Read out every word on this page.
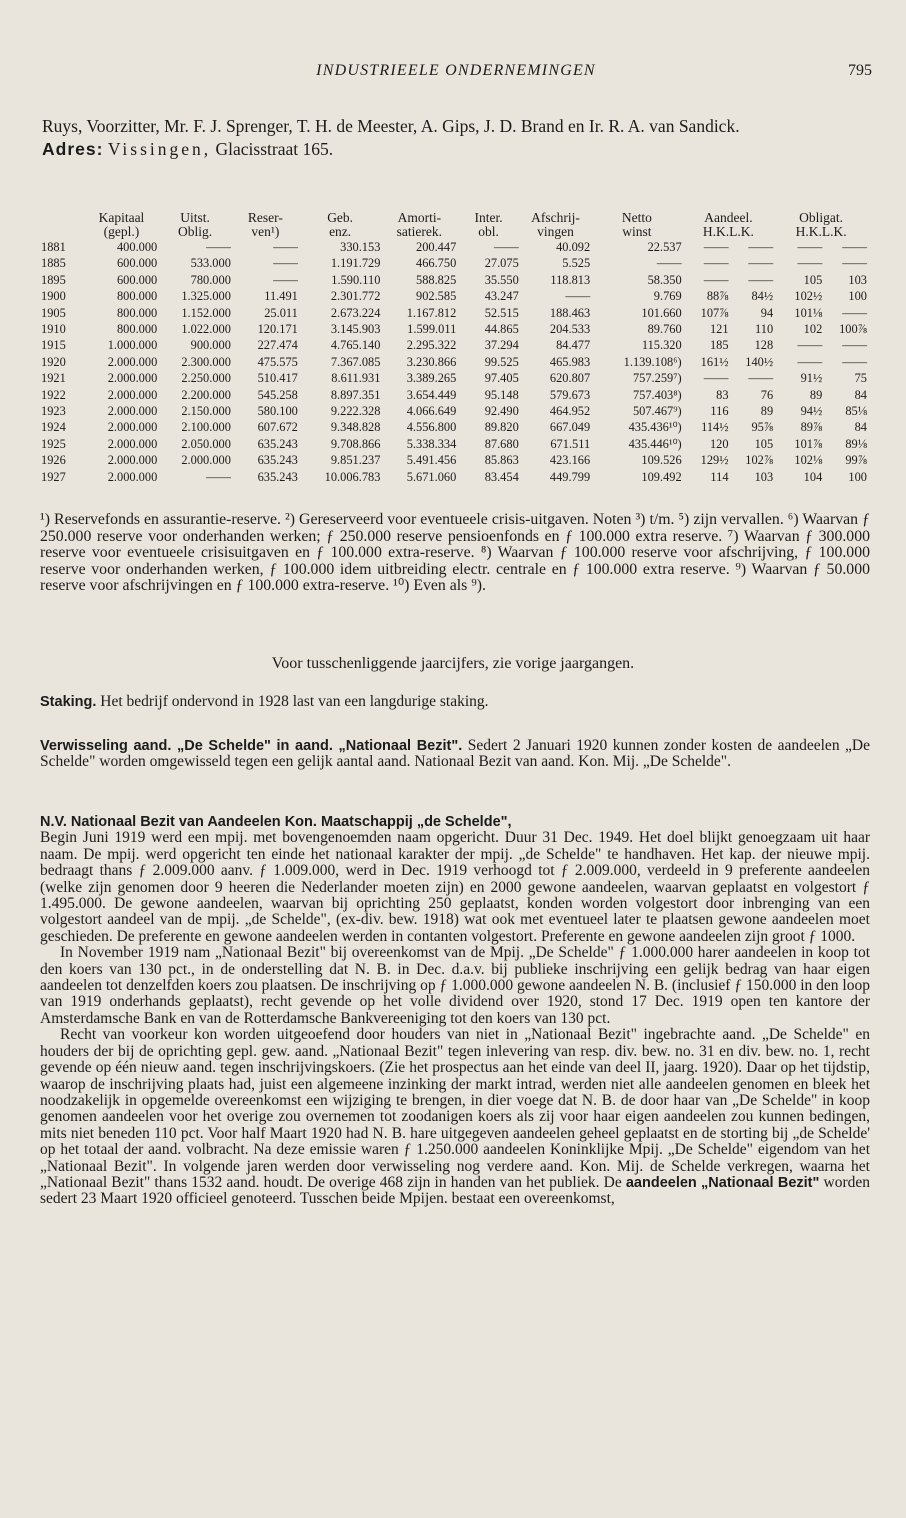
INDUSTRIEELE ONDERNEMINGEN	795
Ruys, Voorzitter, Mr. F. J. Sprenger, T. H. de Meester, A. Gips, J. D. Brand en Ir. R. A. van Sandick.
Adres: Vissingen, Glacisstraat 165.
	Kapitaal	Uitst.	Reser-	Geb.	Amorti-	Inter.	Afschrij-	Netto	Aandeel.		Obligat.	
	(gepl.)	Oblig.	ven¹)	enz.	satierek.	obl.	vingen	winst	H.K.L.K.		H.K.L.K.	
1881	400.000	——	——	330.153	200.447	——	40.092	22.537	——	——	——	——
1885	600.000	533.000	——	1.191.729	466.750	27.075	5.525	——	——	——	——	——
1895	600.000	780.000	——	1.590.110	588.825	35.550	118.813	58.350	——	——	105	103
1900	800.000	1.325.000	11.491	2.301.772	902.585	43.247	——	9.769	88⅞	84½	102½	100
1905	800.000	1.152.000	25.011	2.673.224	1.167.812	52.515	188.463	101.660	107⅞	94	101⅛	——
1910	800.000	1.022.000	120.171	3.145.903	1.599.011	44.865	204.533	89.760	121	110	102	100⅞
1915	1.000.000	900.000	227.474	4.765.140	2.295.322	37.294	84.477	115.320	185	128	——	——
1920	2.000.000	2.300.000	475.575	7.367.085	3.230.866	99.525	465.983	1.139.108⁶)	161½	140½	——	——
1921	2.000.000	2.250.000	510.417	8.611.931	3.389.265	97.405	620.807	757.259⁷)	——	——	91½	75
1922	2.000.000	2.200.000	545.258	8.897.351	3.654.449	95.148	579.673	757.403⁸)	83	76	89	84
1923	2.000.000	2.150.000	580.100	9.222.328	4.066.649	92.490	464.952	507.467⁹)	116	89	94½	85⅛
1924	2.000.000	2.100.000	607.672	9.348.828	4.556.800	89.820	667.049	435.436¹⁰)	114½	95⅞	89⅞	84
1925	2.000.000	2.050.000	635.243	9.708.866	5.338.334	87.680	671.511	435.446¹⁰)	120	105	101⅞	89⅛
1926	2.000.000	2.000.000	635.243	9.851.237	5.491.456	85.863	423.166	109.526	129½	102⅞	102⅛	99⅞
1927	2.000.000	——	635.243	10.006.783	5.671.060	83.454	449.799	109.492	114	103	104	100
¹) Reservefonds en assurantie-reserve. ²) Gereserveerd voor eventueele crisis-uitgaven. Noten ³) t/m. ⁵) zijn vervallen. ⁶) Waarvan ƒ 250.000 reserve voor onderhanden werken; ƒ 250.000 reserve pensioenfonds en ƒ 100.000 extra reserve. ⁷) Waarvan ƒ 300.000 reserve voor eventueele crisisuitgaven en ƒ 100.000 extra-reserve. ⁸) Waarvan ƒ 100.000 reserve voor afschrijving, ƒ 100.000 reserve voor onderhanden werken, ƒ 100.000 idem uitbreiding electr. centrale en ƒ 100.000 extra reserve. ⁹) Waarvan ƒ 50.000 reserve voor afschrijvingen en ƒ 100.000 extra-reserve. ¹⁰) Even als ⁹).
Voor tusschenliggende jaarcijfers, zie vorige jaargangen.
Staking. Het bedrijf ondervond in 1928 last van een langdurige staking.
Verwisseling aand. „De Schelde" in aand. „Nationaal Bezit". Sedert 2 Januari 1920 kunnen zonder kosten de aandeelen „De Schelde" worden omgewisseld tegen een gelijk aantal aand. Nationaal Bezit van aand. Kon. Mij. „De Schelde".
N.V. Nationaal Bezit van Aandeelen Kon. Maatschappij „de Schelde",

Begin Juni 1919 werd een mpij. met bovengenoemden naam opgericht. Duur 31 Dec. 1949. Het doel blijkt genoegzaam uit haar naam. De mpij. werd opgericht ten einde het nationaal karakter der mpij. „de Schelde" te handhaven. Het kap. der nieuwe mpij. bedraagt thans ƒ 2.009.000 aanv. ƒ 1.009.000, werd in Dec. 1919 verhoogd tot ƒ 2.009.000, verdeeld in 9 preferente aandeelen (welke zijn genomen door 9 heeren die Nederlander moeten zijn) en 2000 gewone aandeelen, waarvan geplaatst en volgestort ƒ 1.495.000. De gewone aandeelen, waarvan bij oprichting 250 geplaatst, konden worden volgestort door inbrenging van een volgestort aandeel van de mpij. „de Schelde", (ex-div. bew. 1918) wat ook met eventueel later te plaatsen gewone aandeelen moet geschieden. De preferente en gewone aandeelen werden in contanten volgestort. Preferente en gewone aandeelen zijn groot ƒ 1000.

In November 1919 nam „Nationaal Bezit" bij overeenkomst van de Mpij. „De Schelde" ƒ 1.000.000 harer aandeelen in koop tot den koers van 130 pct., in de onderstelling dat N. B. in Dec. d.a.v. bij publieke inschrijving een gelijk bedrag van haar eigen aandeelen tot denzelfden koers zou plaatsen. De inschrijving op ƒ 1.000.000 gewone aandeelen N. B. (inclusief ƒ 150.000 in den loop van 1919 onderhands geplaatst), recht gevende op het volle dividend over 1920, stond 17 Dec. 1919 open ten kantore der Amsterdamsche Bank en van de Rotterdamsche Bankvereeniging tot den koers van 130 pct.

Recht van voorkeur kon worden uitgeoefend door houders van niet in „Nationaal Bezit" ingebrachte aand. „De Schelde" en houders der bij de oprichting gepl. gew. aand. „Nationaal Bezit" tegen inlevering van resp. div. bew. no. 31 en div. bew. no. 1, recht gevende op één nieuw aand. tegen inschrijvingskoers. (Zie het prospectus aan het einde van deel II, jaarg. 1920). Daar op het tijdstip, waarop de inschrijving plaats had, juist een algemeene inzinking der markt intrad, werden niet alle aandeelen genomen en bleek het noodzakelijk in opgemelde overeenkomst een wijziging te brengen, in dier voege dat N. B. de door haar van „De Schelde" in koop genomen aandeelen voor het overige zou overnemen tot zoodanigen koers als zij voor haar eigen aandeelen zou kunnen bedingen, mits niet beneden 110 pct. Voor half Maart 1920 had N. B. hare uitgegeven aandeelen geheel geplaatst en de storting bij „de Schelde' op het totaal der aand. volbracht. Na deze emissie waren ƒ 1.250.000 aandeelen Koninklijke Mpij. „De Schelde" eigendom van het „Nationaal Bezit". In volgende jaren werden door verwisseling nog verdere aand. Kon. Mij. de Schelde verkregen, waarna het „Nationaal Bezit" thans 1532 aand. houdt. De overige 468 zijn in handen van het publiek. De aandeelen „Nationaal Bezit" worden sedert 23 Maart 1920 officieel genoteerd. Tusschen beide Mpijen. bestaat een overeenkomst,
